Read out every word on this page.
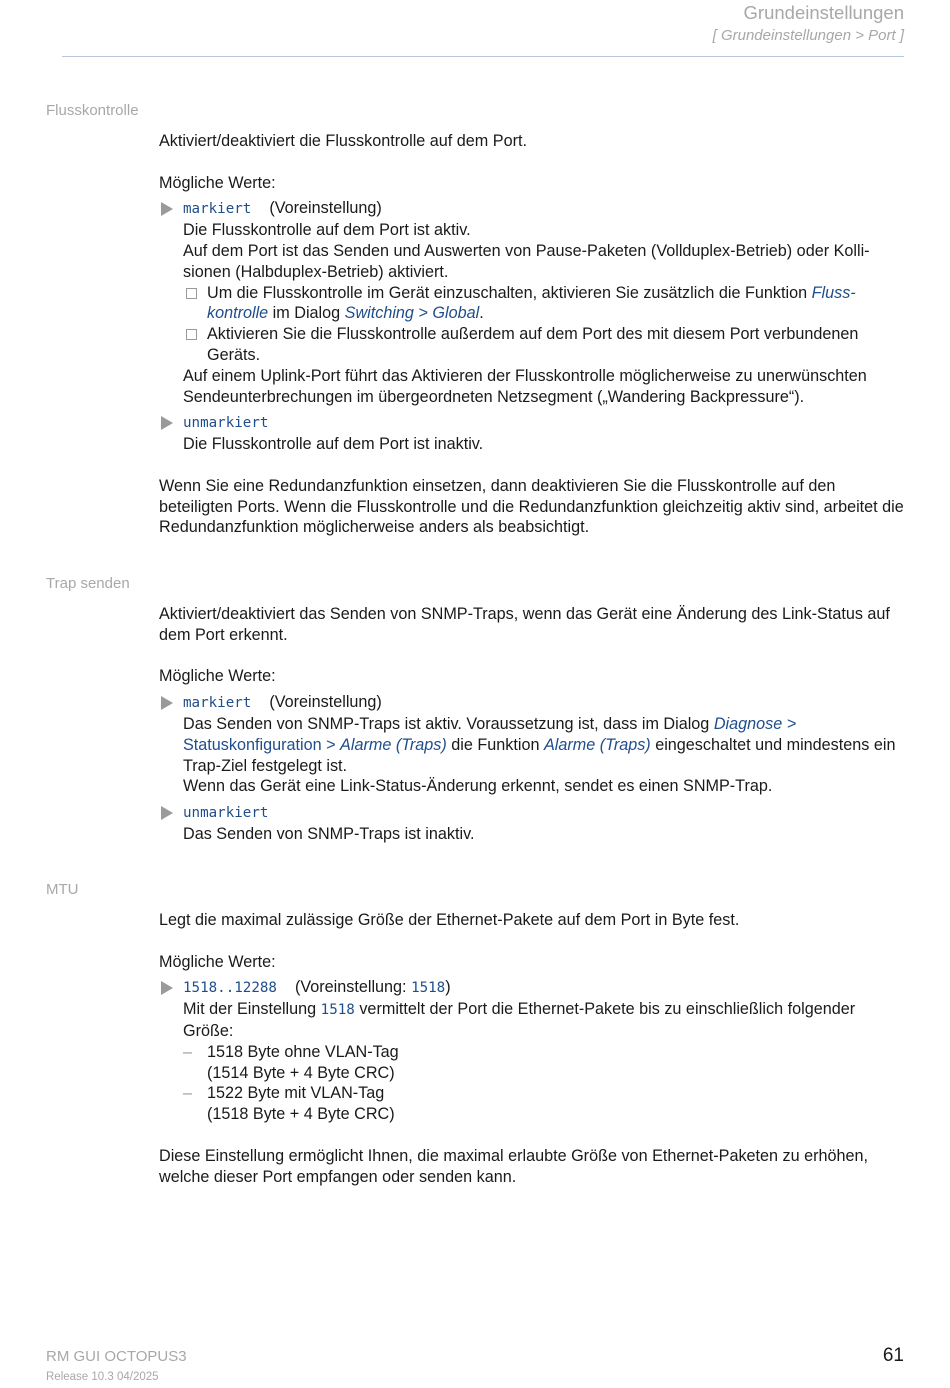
Grundeinstellungen
[ Grundeinstellungen > Port ]
Flusskontrolle

Aktiviert/deaktiviert die Flusskontrolle auf dem Port.

Mögliche Werte:

markiert (Voreinstellung)

Die Flusskontrolle auf dem Port ist aktiv.

Auf dem Port ist das Senden und Auswerten von Pause-Paketen (Vollduplex-Betrieb) oder Kolli-sionen (Halbduplex-Betrieb) aktiviert.

Um die Flusskontrolle im Gerät einzuschalten, aktivieren Sie zusätzlich die Funktion Fluss-kontrolle im Dialog Switching > Global.

Aktivieren Sie die Flusskontrolle außerdem auf dem Port des mit diesem Port verbundenen Geräts.

Auf einem Uplink-Port führt das Aktivieren der Flusskontrolle möglicherweise zu unerwünschten Sendeunterbrechungen im übergeordneten Netzsegment („Wandering Backpressure“).

unmarkiert

Die Flusskontrolle auf dem Port ist inaktiv.

Wenn Sie eine Redundanzfunktion einsetzen, dann deaktivieren Sie die Flusskontrolle auf den beteiligten Ports. Wenn die Flusskontrolle und die Redundanzfunktion gleichzeitig aktiv sind, arbeitet die Redundanzfunktion möglicherweise anders als beabsichtigt.

Trap senden

Aktiviert/deaktiviert das Senden von SNMP-Traps, wenn das Gerät eine Änderung des Link-Status auf dem Port erkennt.

Mögliche Werte:

markiert (Voreinstellung)

Das Senden von SNMP-Traps ist aktiv. Voraussetzung ist, dass im Dialog Diagnose >
Statuskonfiguration > Alarme (Traps) die Funktion Alarme (Traps) eingeschaltet und mindestens ein Trap-Ziel festgelegt ist.

Wenn das Gerät eine Link-Status-Änderung erkennt, sendet es einen SNMP-Trap.

unmarkiert

Das Senden von SNMP-Traps ist inaktiv.

MTU

Legt die maximal zulässige Größe der Ethernet-Pakete auf dem Port in Byte fest.

Mögliche Werte:

1518..12288 (Voreinstellung: 1518)

Mit der Einstellung 1518 vermittelt der Port die Ethernet-Pakete bis zu einschließlich folgender Größe:

– 1518 Byte ohne VLAN-Tag

(1514 Byte + 4 Byte CRC)

– 1522 Byte mit VLAN-Tag

(1518 Byte + 4 Byte CRC)

Diese Einstellung ermöglicht Ihnen, die maximal erlaubte Größe von Ethernet-Paketen zu erhöhen, welche dieser Port empfangen oder senden kann.

RM GUI OCTOPUS3
Release 10.3 04/2025
61
